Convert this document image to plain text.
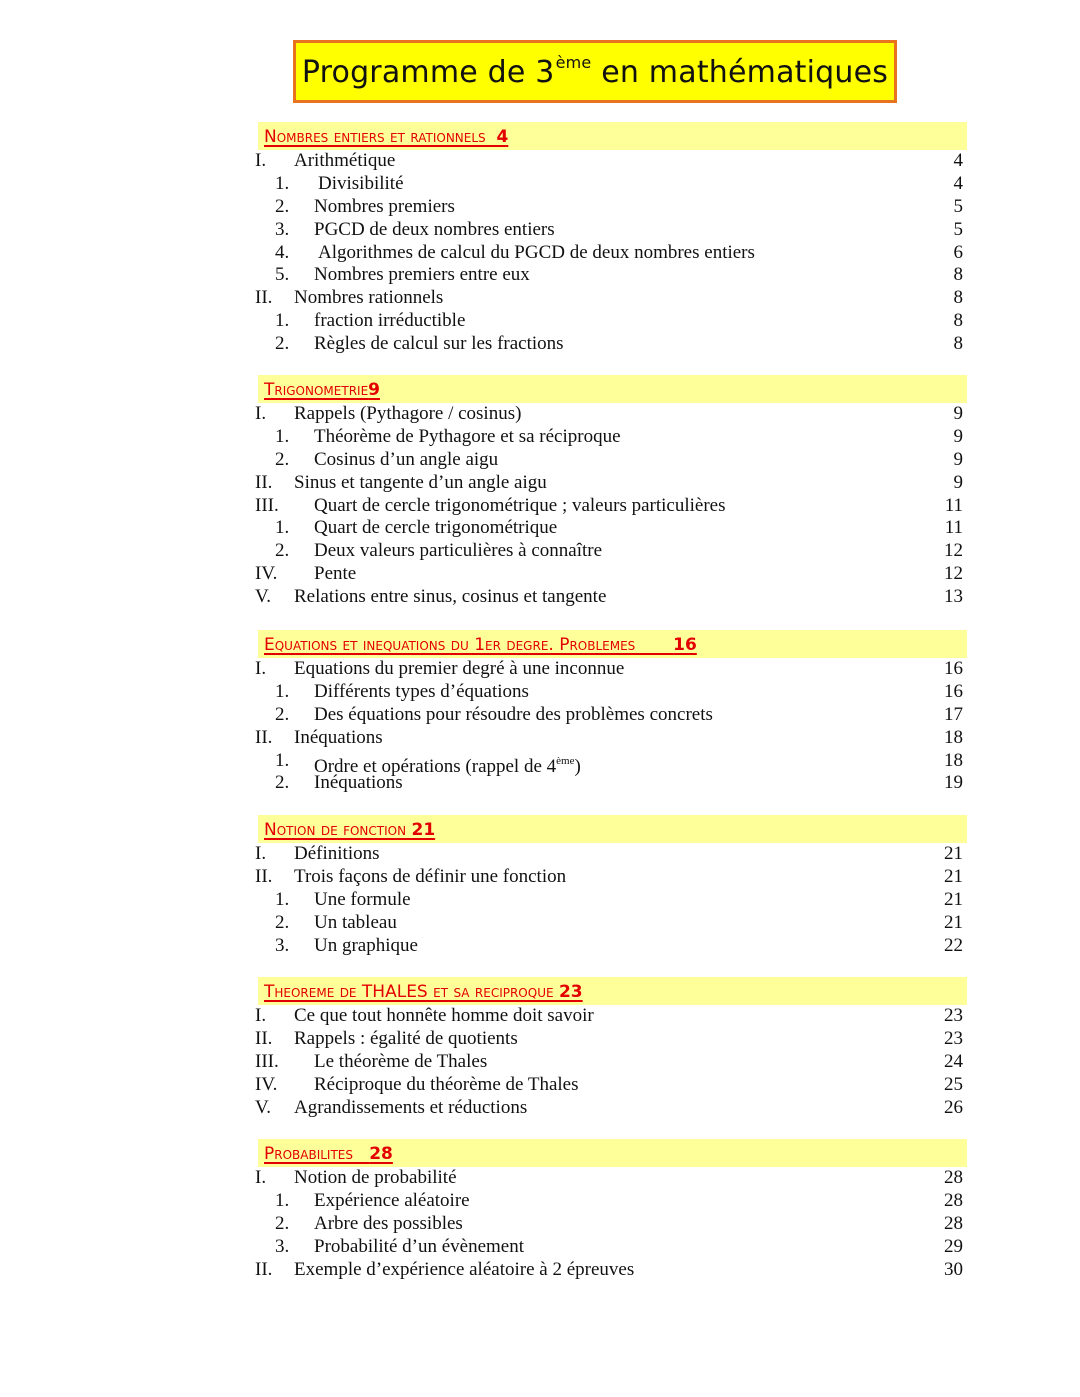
Programme de 3ème en mathématiques
Nombres entiers et rationnels  4
I. Arithmétique	4
1. Divisibilité	4
2. Nombres premiers	5
3. PGCD de deux nombres entiers	5
4. Algorithmes de calcul du PGCD de deux nombres entiers	6
5. Nombres premiers entre eux	8
II. Nombres rationnels	8
1. fraction irréductible	8
2. Règles de calcul sur les fractions	8
Trigonometrie9
I. Rappels (Pythagore / cosinus)	9
1. Théorème de Pythagore et sa réciproque	9
2. Cosinus d’un angle aigu	9
II. Sinus et tangente d’un angle aigu	9
III. Quart de cercle trigonométrique ; valeurs particulières	11
1. Quart de cercle trigonométrique	11
2. Deux valeurs particulières à connaître	12
IV. Pente	12
V. Relations entre sinus, cosinus et tangente	13
Equations et inequations du 1er degre. Problemes       16
I. Equations du premier degré à une inconnue	16
1. Différents types d’équations	16
2. Des équations pour résoudre des problèmes concrets	17
II. Inéquations	18
1. Ordre et opérations (rappel de 4ème)	18
2. Inéquations	19
Notion de fonction 21
I. Définitions	21
II. Trois façons de définir une fonction	21
1. Une formule	21
2. Un tableau	21
3. Un graphique	22
Theoreme de THALES et sa reciproque 23
I. Ce que tout honnête homme doit savoir	23
II. Rappels : égalité de quotients	23
III. Le théorème de Thales	24
IV. Réciproque du théorème de Thales	25
V. Agrandissements et réductions	26
Probabilites   28
I. Notion de probabilité	28
1. Expérience aléatoire	28
2. Arbre des possibles	28
3. Probabilité d’un évènement	29
II. Exemple d’expérience aléatoire à 2 épreuves	30
